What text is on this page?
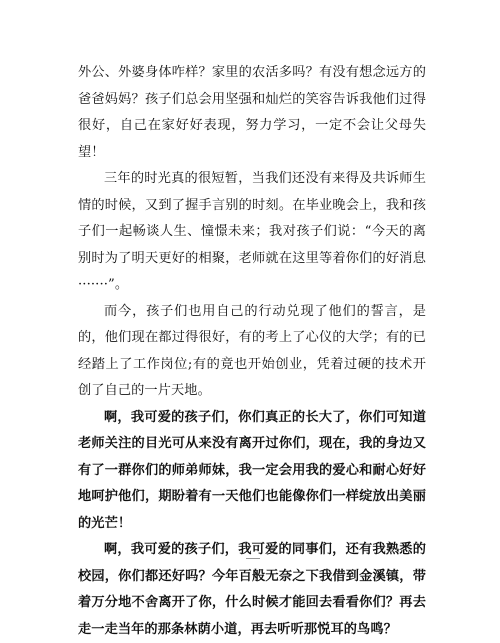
外公、外婆身体咋样？家里的农活多吗？有没有想念远方的爸爸妈妈？孩子们总会用坚强和灿烂的笑容告诉我他们过得很好，自己在家好好表现，努力学习，一定不会让父母失望！

三年的时光真的很短暂，当我们还没有来得及共诉师生情的时候，又到了握手言别的时刻。在毕业晚会上，我和孩子们一起畅谈人生、憧憬未来；我对孩子们说：“今天的离别时为了明天更好的相聚，老师就在这里等着你们的好消息·······”。

而今，孩子们也用自己的行动兑现了他们的誓言，是的，他们现在都过得很好，有的考上了心仪的大学；有的已经踏上了工作岗位;有的竟也开始创业，凭着过硬的技术开创了自己的一片天地。

啊，我可爱的孩子们，你们真正的长大了，你们可知道老师关注的目光可从来没有离开过你们，现在，我的身边又有了一群你们的师弟师妹，我一定会用我的爱心和耐心好好地呵护他们，期盼着有一天他们也能像你们一样绽放出美丽的光芒！

啊，我可爱的孩子们，我可爱的同事们，还有我熟悉的校园，你们都还好吗？今年百般无奈之下我借到金溪镇，带着万分地不舍离开了你，什么时候才能回去看看你们？再去走一走当年的那条林荫小道，再去听听那悦耳的鸟鸣？
